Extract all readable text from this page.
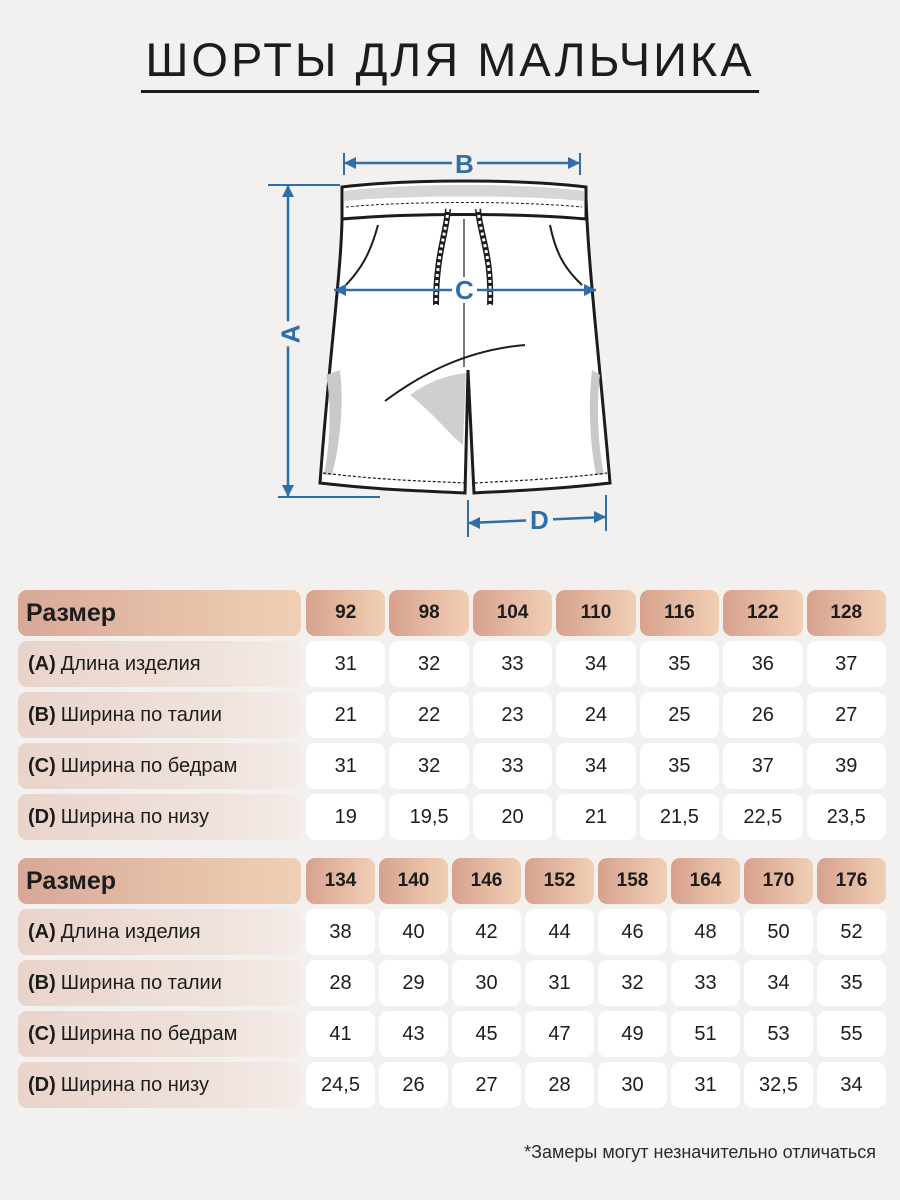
ШОРТЫ ДЛЯ МАЛЬЧИКА
B
C
A
D
Размер	92	98	104	110	116	122	128
(A) Длина изделия	31	32	33	34	35	36	37
(B) Ширина по талии	21	22	23	24	25	26	27
(C) Ширина по бедрам	31	32	33	34	35	37	39
(D) Ширина по низу	19	19,5	20	21	21,5	22,5	23,5
Размер	134	140	146	152	158	164	170	176
(A) Длина изделия	38	40	42	44	46	48	50	52
(B) Ширина по талии	28	29	30	31	32	33	34	35
(C) Ширина по бедрам	41	43	45	47	49	51	53	55
(D) Ширина по низу	24,5	26	27	28	30	31	32,5	34
*Замеры могут незначительно отличаться
